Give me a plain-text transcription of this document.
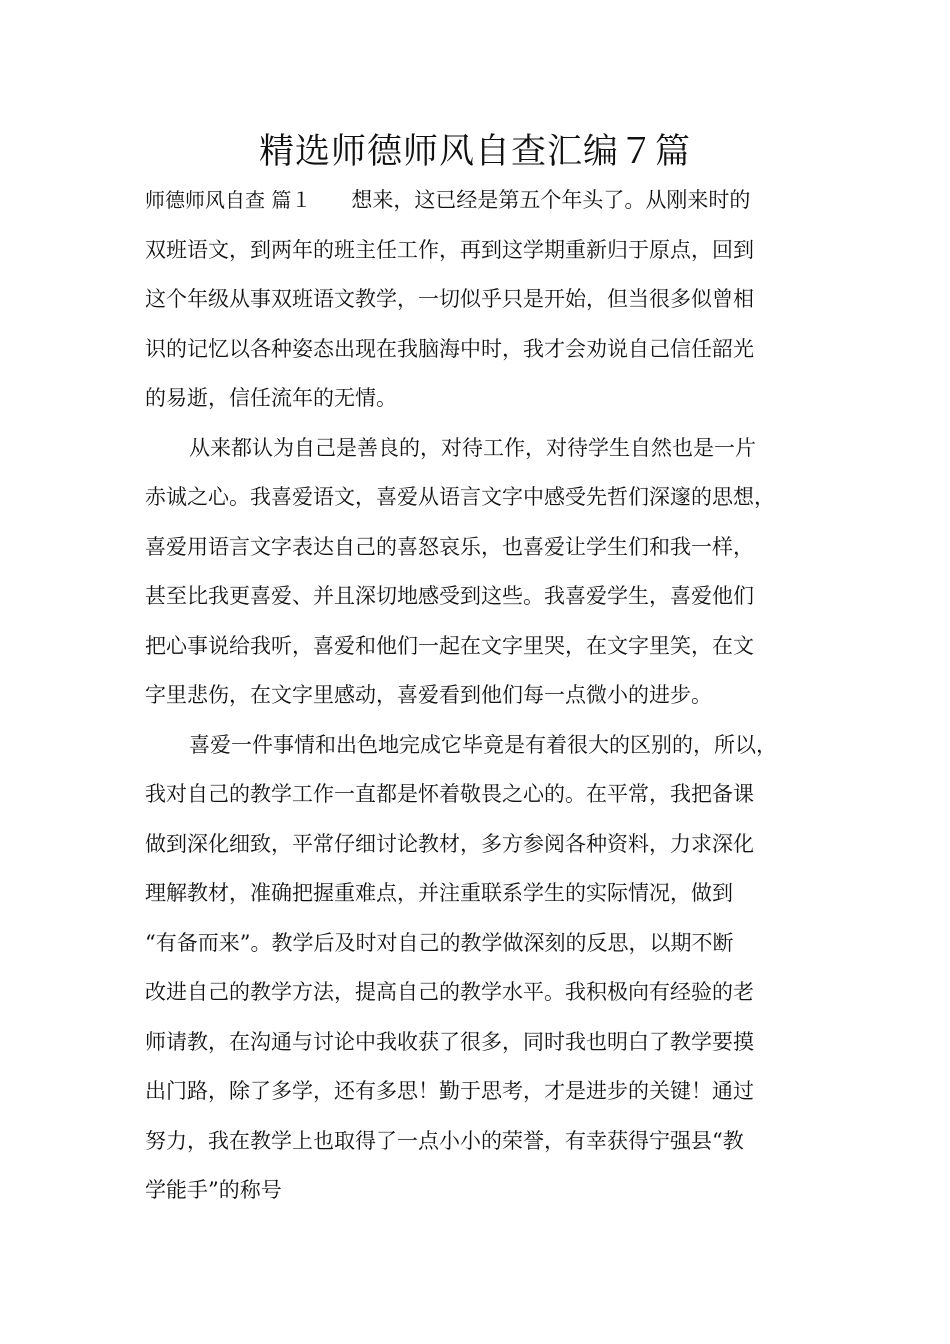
精选师德师风自查汇编７篇
师德师风自查 篇１ 想来，这已经是第五个年头了。从刚来时的
双班语文，到两年的班主任工作，再到这学期重新归于原点，回到
这个年级从事双班语文教学，一切似乎只是开始，但当很多似曾相
识的记忆以各种姿态出现在我脑海中时，我才会劝说自己信任韶光
的易逝，信任流年的无情。
从来都认为自己是善良的，对待工作，对待学生自然也是一片
赤诚之心。我喜爱语文，喜爱从语言文字中感受先哲们深邃的思想，
喜爱用语言文字表达自己的喜怒哀乐，也喜爱让学生们和我一样，
甚至比我更喜爱、并且深切地感受到这些。我喜爱学生，喜爱他们
把心事说给我听，喜爱和他们一起在文字里哭，在文字里笑，在文
字里悲伤，在文字里感动，喜爱看到他们每一点微小的进步。
喜爱一件事情和出色地完成它毕竟是有着很大的区别的，所以，
我对自己的教学工作一直都是怀着敬畏之心的。在平常，我把备课
做到深化细致，平常仔细讨论教材，多方参阅各种资料，力求深化
理解教材，准确把握重难点，并注重联系学生的实际情况，做到
“有备而来”。教学后及时对自己的教学做深刻的反思，以期不断
改进自己的教学方法，提高自己的教学水平。我积极向有经验的老
师请教，在沟通与讨论中我收获了很多，同时我也明白了教学要摸
出门路，除了多学，还有多思！勤于思考，才是进步的关键！通过
努力，我在教学上也取得了一点小小的荣誉，有幸获得宁强县“教
学能手”的称号
